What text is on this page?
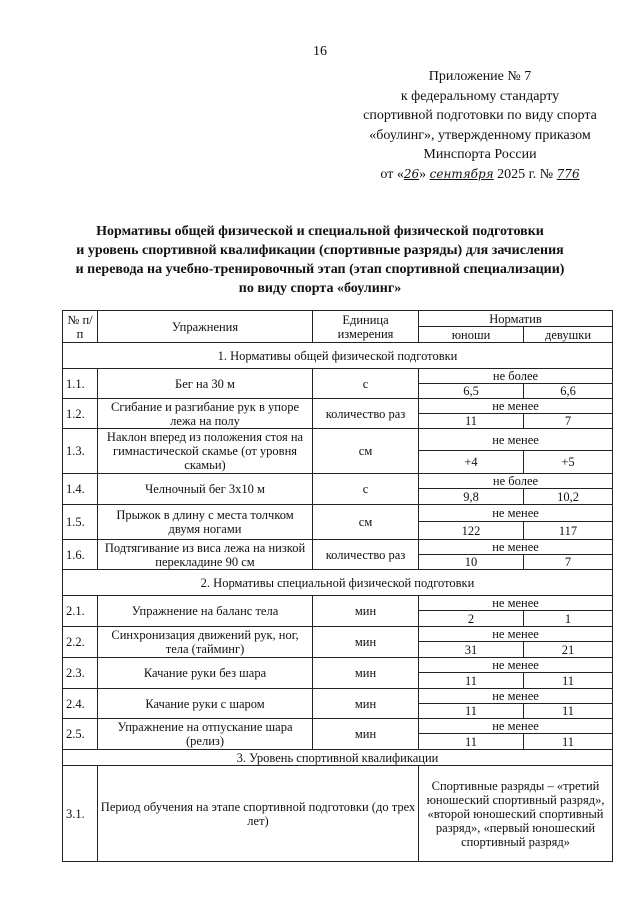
16
Приложение № 7
к федеральному стандарту
спортивной подготовки по виду спорта
«боулинг», утвержденному приказом
Минспорта России
от «26» сентября 2025 г. № 776
Нормативы общей физической и специальной физической подготовки
и уровень спортивной квалификации (спортивные разряды) для зачисления
и перевода на учебно-тренировочный этап (этап спортивной специализации)
по виду спорта «боулинг»
№ п/п	Упражнения	Единица измерения	Норматив	
			юноши	девушки
1. Нормативы общей физической подготовки				
1.1.	Бег на 30 м	с	не более	
			6,5	6,6
1.2.	Сгибание и разгибание рук в упоре лежа на полу	количество раз	не менее	
			11	7
1.3.	Наклон вперед из положения стоя на гимнастической скамье (от уровня скамьи)	см	не менее	
			+4	+5
1.4.	Челночный бег 3х10 м	с	не более	
			9,8	10,2
1.5.	Прыжок в длину с места толчком двумя ногами	см	не менее	
			122	117
1.6.	Подтягивание из виса лежа на низкой перекладине 90 см	количество раз	не менее	
			10	7
2. Нормативы специальной физической подготовки				
2.1.	Упражнение на баланс тела	мин	не менее	
			2	1
2.2.	Синхронизация движений рук, ног, тела (тайминг)	мин	не менее	
			31	21
2.3.	Качание руки без шара	мин	не менее	
			11	11
2.4.	Качание руки с шаром	мин	не менее	
			11	11
2.5.	Упражнение на отпускание шара (релиз)	мин	не менее	
			11	11
3. Уровень спортивной квалификации				
3.1.	Период обучения на этапе спортивной подготовки (до трех лет)		Спортивные разряды – «третий юношеский спортивный разряд», «второй юношеский спортивный разряд», «первый юношеский спортивный разряд»	
